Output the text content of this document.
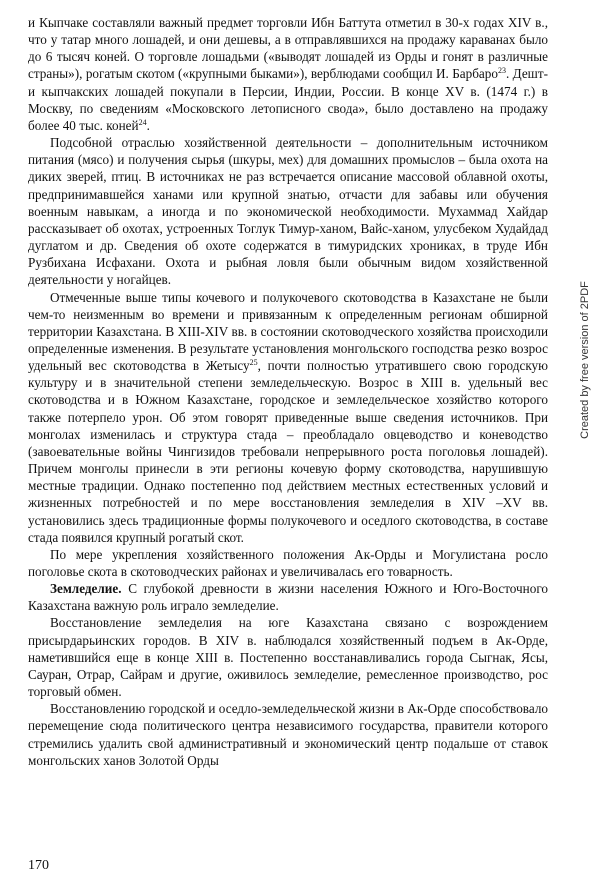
и Кыпчаке составляли важный предмет торговли Ибн Баттута отметил в 30-х годах XIV в., что у татар много лошадей, и они дешевы, а в отправлявшихся на продажу караванах было до 6 тысяч коней. О торговле лошадьми («выводят лошадей из Орды и гонят в различные страны»), рогатым скотом («крупными быками»), верблюдами сообщил И. Барбаро$^{23}$. Дешт-и кыпчакских лошадей покупали в Персии, Индии, России. В конце XV в. (1474 г.) в Москву, по сведениям «Московского летописного свода», было доставлено на продажу более 40 тыс. коней$^{24}$.

Подсобной отраслью хозяйственной деятельности – дополнительным источником питания (мясо) и получения сырья (шкуры, мех) для домашних промыслов – была охота на диких зверей, птиц. В источниках не раз встречается описание массовой облавной охоты, предпринимавшейся ханами или крупной знатью, отчасти для забавы или обучения военным навыкам, а иногда и по экономической необходимости. Мухаммад Хайдар рассказывает об охотах, устроенных Тоглук Тимур-ханом, Вайс-ханом, улусбеком Худайдад дуглатом и др. Сведения об охоте содержатся в тимуридских хрониках, в труде Ибн Рузбихана Исфахани. Охота и рыбная ловля были обычным видом хозяйственной деятельности у ногайцев.

Отмеченные выше типы кочевого и полукочевого скотоводства в Казахстане не были чем-то неизменным во времени и привязанным к определенным регионам обширной территории Казахстана. В XIII-XIV вв. в состоянии скотоводческого хозяйства происходили определенные изменения. В результате установления монгольского господства резко возрос удельный вес скотоводства в Жетысу$^{25}$, почти полностью утратившего свою городскую культуру и в значительной степени земледельческую. Возрос в XIII в. удельный вес скотоводства и в Южном Казахстане, городское и земледельческое хозяйство которого также потерпело урон. Об этом говорят приведенные выше сведения источников. При монголах изменилась и структура стада – преобладало овцеводство и коневодство (завоевательные войны Чингизидов требовали непрерывного роста поголовья лошадей). Причем монголы принесли в эти регионы кочевую форму скотоводства, нарушившую местные традиции. Однако постепенно под действием местных естественных условий и жизненных потребностей и по мере восстановления земледелия в XIV –XV вв. установились здесь традиционные формы полукочевого и оседлого скотоводства, в составе стада появился крупный рогатый скот.

По мере укрепления хозяйственного положения Ак-Орды и Могулистана росло поголовье скота в скотоводческих районах и увеличивалась его товарность.

Земледелие. С глубокой древности в жизни населения Южного и Юго-Восточного Казахстана важную роль играло земледелие.

Восстановление земледелия на юге Казахстана связано с возрождением присырдарьинских городов. В XIV в. наблюдался хозяйственный подъем в Ак-Орде, наметившийся еще в конце XIII в. Постепенно восстанавливались города Сыгнак, Ясы, Сауран, Отрар, Сайрам и другие, оживилось земледелие, ремесленное производство, рос торговый обмен.

Восстановлению городской и оседло-земледельческой жизни в Ак-Орде способствовало перемещение сюда политического центра независимого государства, правители которого стремились удалить свой административный и экономический центр подальше от ставок монгольских ханов Золотой Орды

170
Created by free version of 2PDF
